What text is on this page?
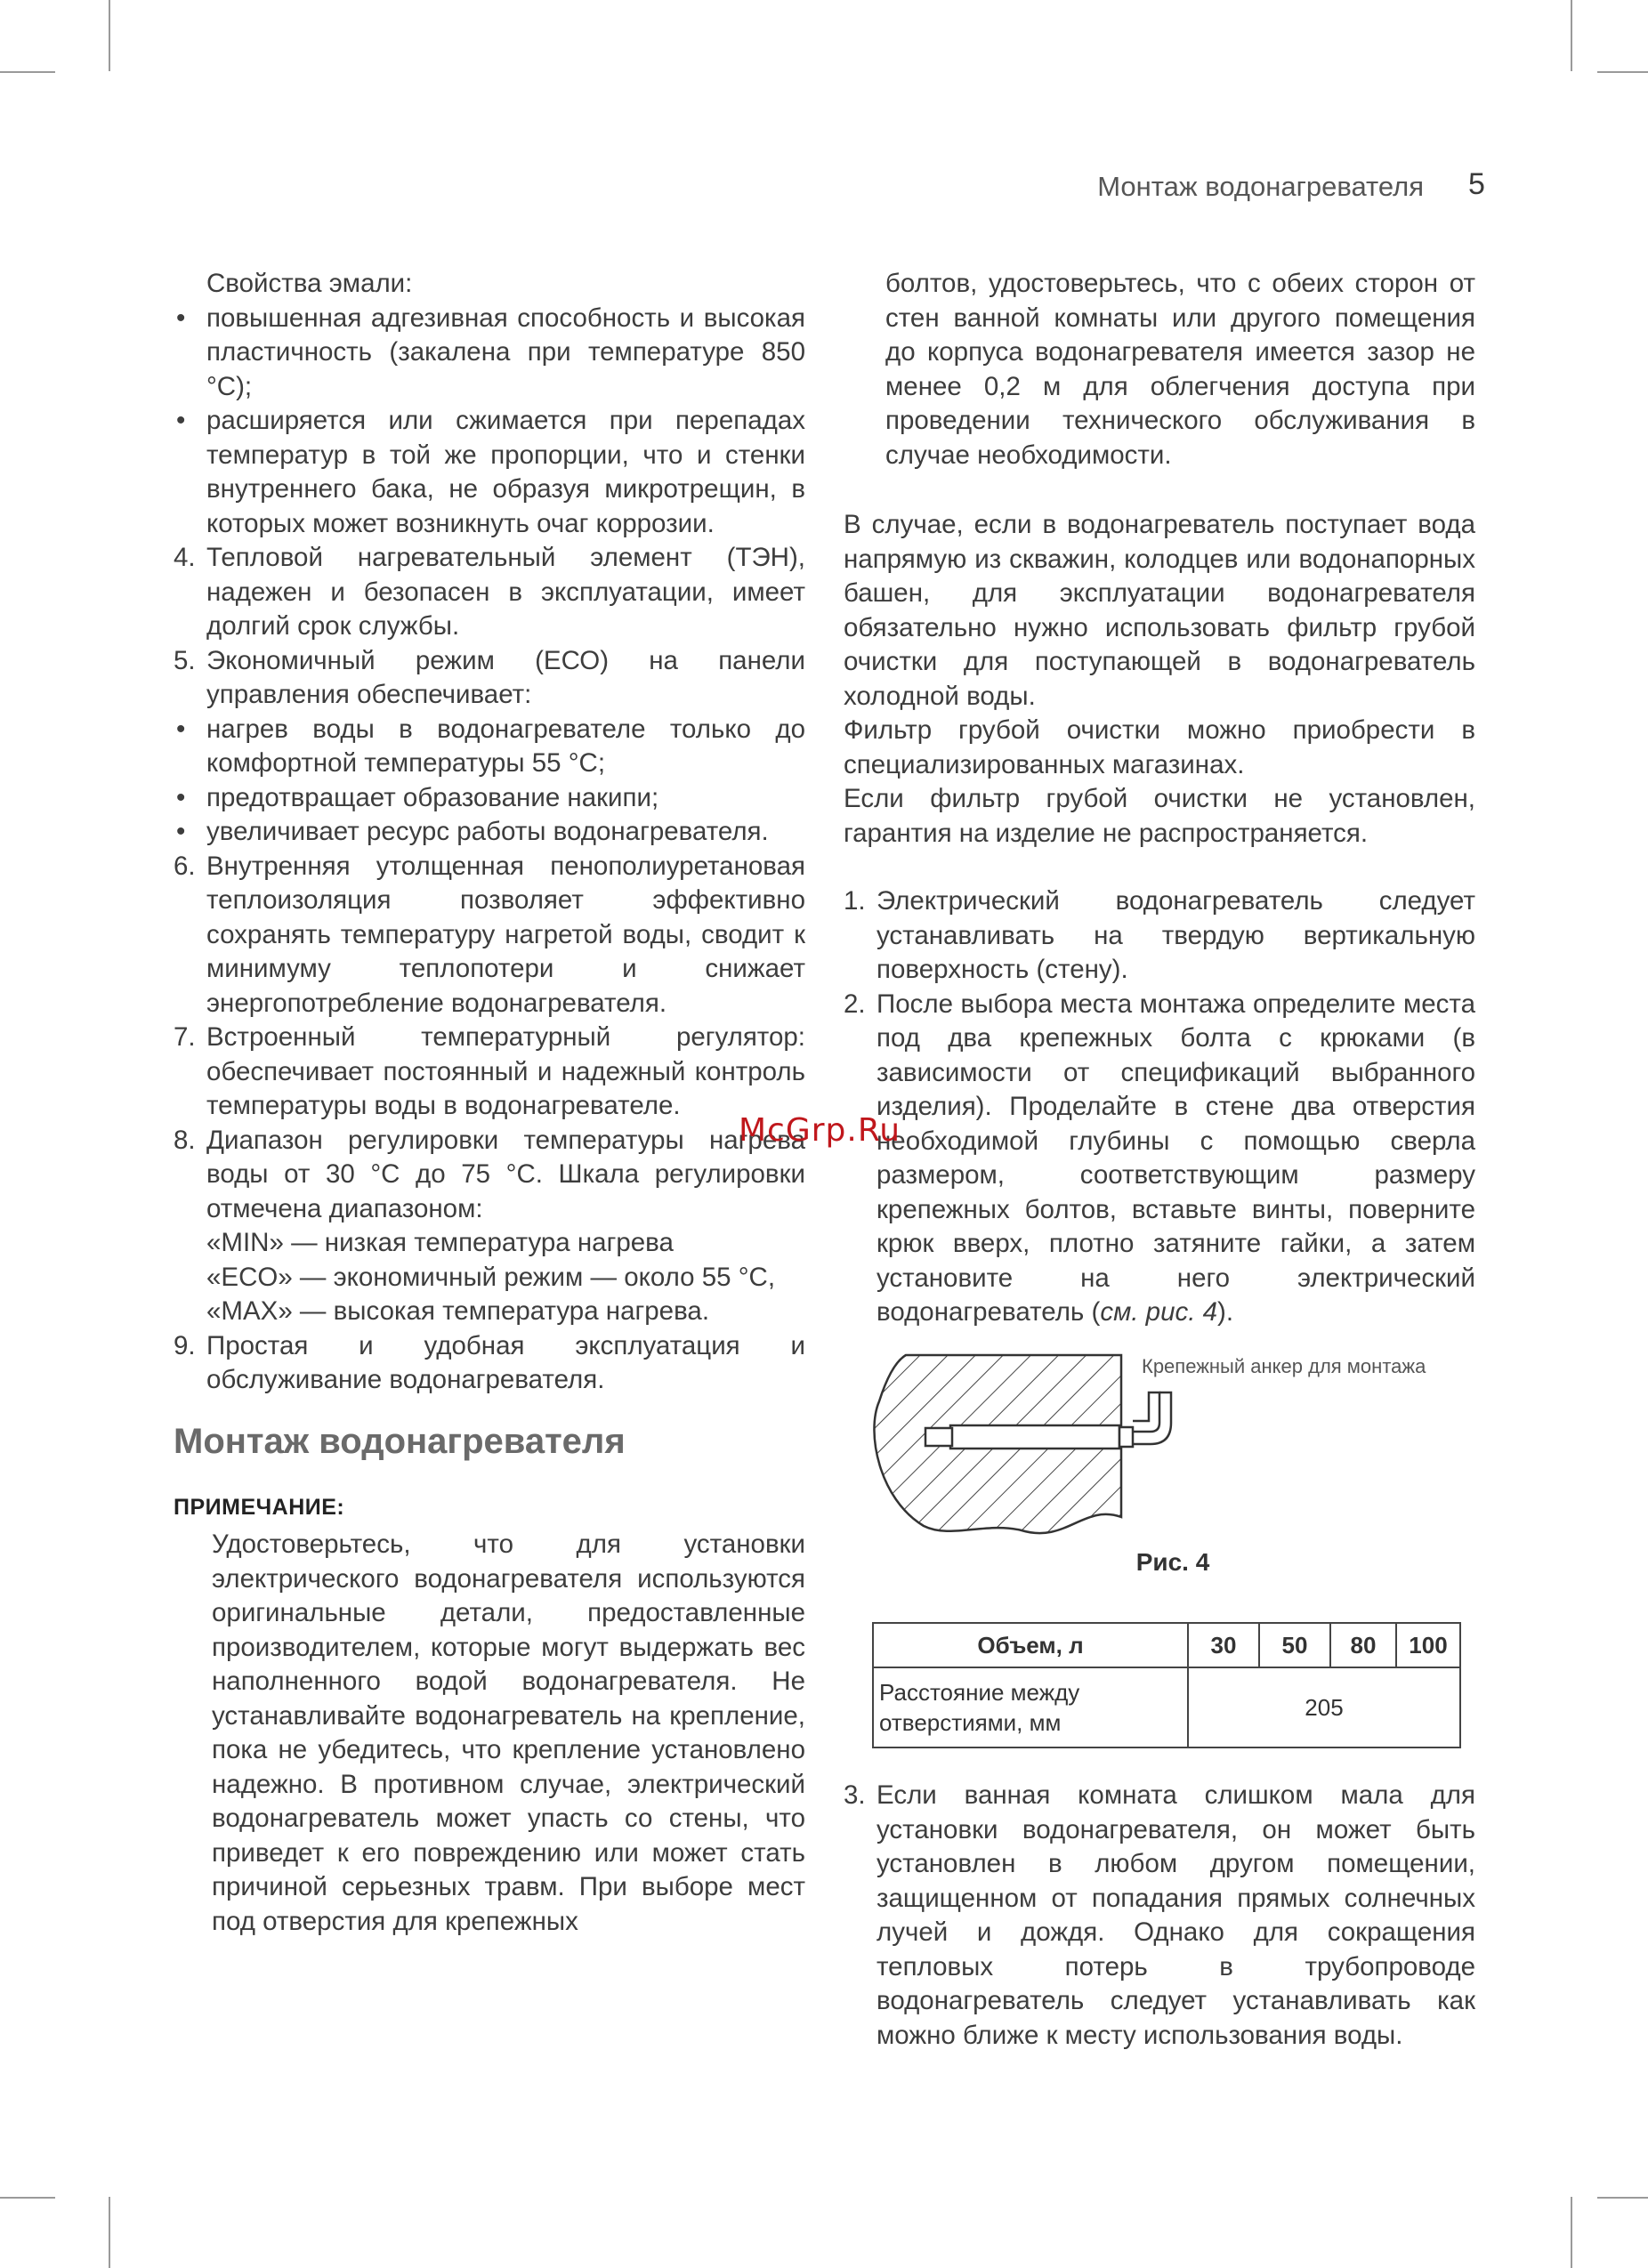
Монтаж водонагревателя 5

Свойства эмали:

• повышенная адгезивная способность и высокая пластичность (закалена при температуре 850 °С);
• расширяется или сжимается при перепадах температур в той же пропорции, что и стенки внутреннего бака, не образуя микротрещин, в которых может возникнуть очаг коррозии.
4. Тепловой нагревательный элемент (ТЭН), надежен и безопасен в эксплуатации, имеет долгий срок службы.
5. Экономичный режим (ЕСО) на панели управления обеспечивает:
• нагрев воды в водонагревателе только до комфортной температуры 55 °С;
• предотвращает образование накипи;
• увеличивает ресурс работы водонагревателя.
6. Внутренняя утолщенная пенополиуретановая теплоизоляция позволяет эффективно сохранять температуру нагретой воды, сводит к минимуму теплопотери и снижает энергопотребление водонагревателя.
7. Встроенный температурный регулятор: обеспечивает постоянный и надежный контроль температуры воды в водонагревателе.
8. Диапазон регулировки температуры нагрева воды от 30 °С до 75 °С. Шкала регулировки отмечена диапазоном:
«MIN» — низкая температура нагрева
«ECO» — экономичный режим — около 55 °С,
«MAX» — высокая температура нагрева.
9. Простая и удобная эксплуатация и обслуживание водонагревателя.
Монтаж водонагревателя
ПРИМЕЧАНИЕ:
Удостоверьтесь, что для установки электрического водонагревателя используются оригинальные детали, предоставленные производителем, которые могут выдержать вес наполненного водой водонагревателя. Не устанавливайте водонагреватель на крепление, пока не убедитесь, что крепление установлено надежно. В противном случае, электрический водонагреватель может упасть со стены, что приведет к его повреждению или может стать причиной серьезных травм. При выборе мест под отверстия для крепежных
болтов, удостоверьтесь, что с обеих сторон от стен ванной комнаты или другого помещения до корпуса водонагревателя имеется зазор не менее 0,2 м для облегчения доступа при проведении технического обслуживания в случае необходимости.
В случае, если в водонагреватель поступает вода напрямую из скважин, колодцев или водонапорных башен, для эксплуатации водонагревателя обязательно нужно использовать фильтр грубой очистки для поступающей в водонагреватель холодной воды.
Фильтр грубой очистки можно приобрести в специализированных магазинах.
Если фильтр грубой очистки не установлен, гарантия на изделие не распространяется.
1. Электрический водонагреватель следует устанавливать на твердую вертикальную поверхность (стену).
2. После выбора места монтажа определите места под два крепежных болта с крюками (в зависимости от спецификаций выбранного изделия). Проделайте в стене два отверстия необходимой глубины с помощью сверла размером, соответствующим размеру крепежных болтов, вставьте винты, поверните крюк вверх, плотно затяните гайки, а затем установите на него электрический водонагреватель (см. рис. 4).
Крепежный анкер для монтажа
Рис. 4
Объем, л	30	50	80	100
Расстояние между отверстиями, мм	205			
3. Если ванная комната слишком мала для установки водонагревателя, он может быть установлен в любом другом помещении, защищенном от попадания прямых солнечных лучей и дождя. Однако для сокращения тепловых потерь в трубопроводе водонагреватель следует устанавливать как можно ближе к месту использования воды.
McGrp.Ru
